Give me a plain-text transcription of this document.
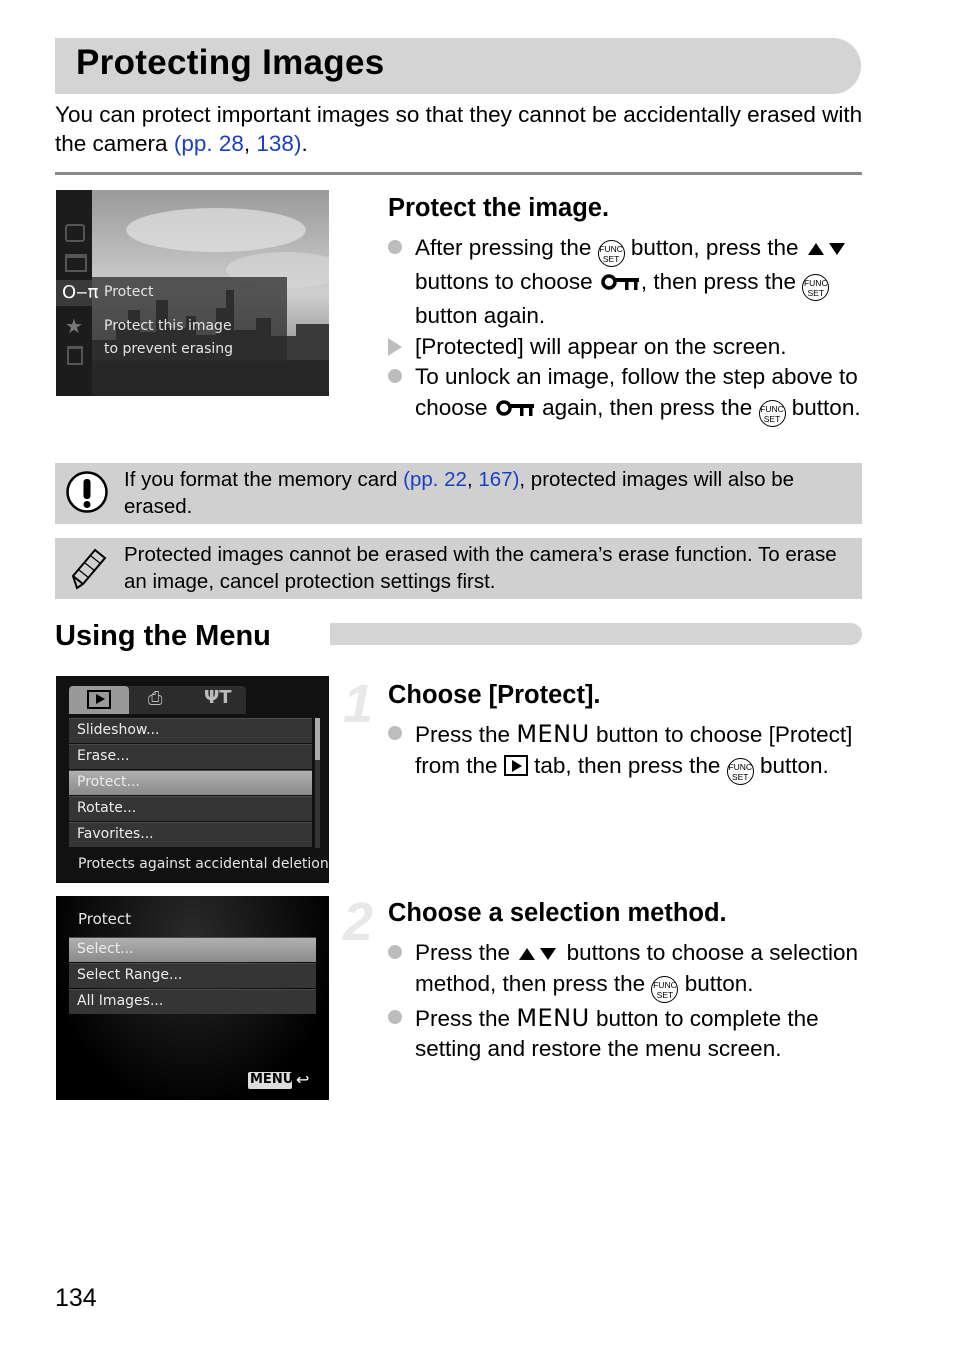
Protecting Images
You can protect important images so that they cannot be accidentally erased with the camera (pp. 28, 138).
O‒π
★
Protect
Protect this image
to prevent erasing
Protect the image.
After pressing the FUNC
SET button, press the buttons to choose , then press the FUNC
SET button again.
[Protected] will appear on the screen.
To unlock an image, follow the step above to choose again, then press the FUNC
SET button.
If you format the memory card (pp. 22, 167), protected images will also be erased.
Protected images cannot be erased with the camera’s erase function. To erase an image, cancel protection settings first.
Using the Menu
⎙ ΨT
Slideshow...
Erase...
Protect...
Rotate...
Favorites...
Protects against accidental deletion
1 Choose [Protect].
Press the MENU button to choose [Protect] from the tab, then press the FUNC
SET button.
Protect
Select...
Select Range...
All Images...
MENU ↩
2 Choose a selection method.
Press the	buttons to choose a selection method, then press the FUNC
SET button.
Press the MENU button to complete the setting and restore the menu screen.
134
